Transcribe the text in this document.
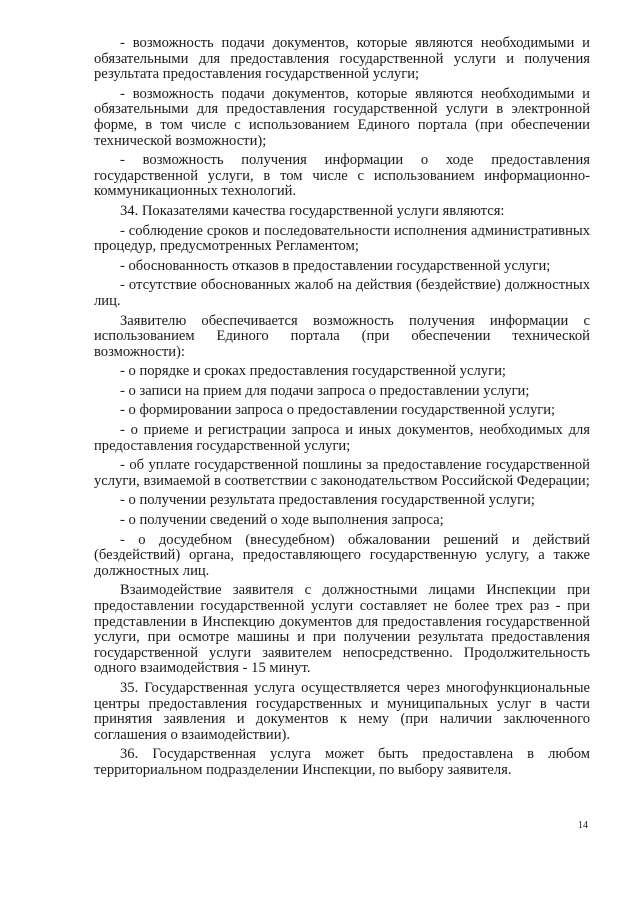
- возможность подачи документов, которые являются необходимыми и обязательными для предоставления государственной услуги и получения результата предоставления государственной услуги;

- возможность подачи документов, которые являются необходимыми и обязательными для предоставления государственной услуги в электронной форме, в том числе с использованием Единого портала (при обеспечении технической возможности);

- возможность получения информации о ходе предоставления государственной услуги, в том числе с использованием информационно-коммуникационных технологий.

34. Показателями качества государственной услуги являются:

- соблюдение сроков и последовательности исполнения административных процедур, предусмотренных Регламентом;

- обоснованность отказов в предоставлении государственной услуги;

- отсутствие обоснованных жалоб на действия (бездействие) должностных лиц.

Заявителю обеспечивается возможность получения информации с использованием Единого портала (при обеспечении технической возможности):

- о порядке и сроках предоставления государственной услуги;

- о записи на прием для подачи запроса о предоставлении услуги;

- о формировании запроса о предоставлении государственной услуги;

- о приеме и регистрации запроса и иных документов, необходимых для предоставления государственной услуги;

- об уплате государственной пошлины за предоставление государственной услуги, взимаемой в соответствии с законодательством Российской Федерации;

- о получении результата предоставления государственной услуги;

- о получении сведений о ходе выполнения запроса;

- о досудебном (внесудебном) обжаловании решений и действий (бездействий) органа, предоставляющего государственную услугу, а также должностных лиц.

Взаимодействие заявителя с должностными лицами Инспекции при предоставлении государственной услуги составляет не более трех раз - при представлении в Инспекцию документов для предоставления государственной услуги, при осмотре машины и при получении результата предоставления государственной услуги заявителем непосредственно. Продолжительность одного взаимодействия - 15 минут.

35. Государственная услуга осуществляется через многофункциональные центры предоставления государственных и муниципальных услуг в части принятия заявления и документов к нему (при наличии заключенного соглашения о взаимодействии).

36. Государственная услуга может быть предоставлена в любом территориальном подразделении Инспекции, по выбору заявителя.

14
